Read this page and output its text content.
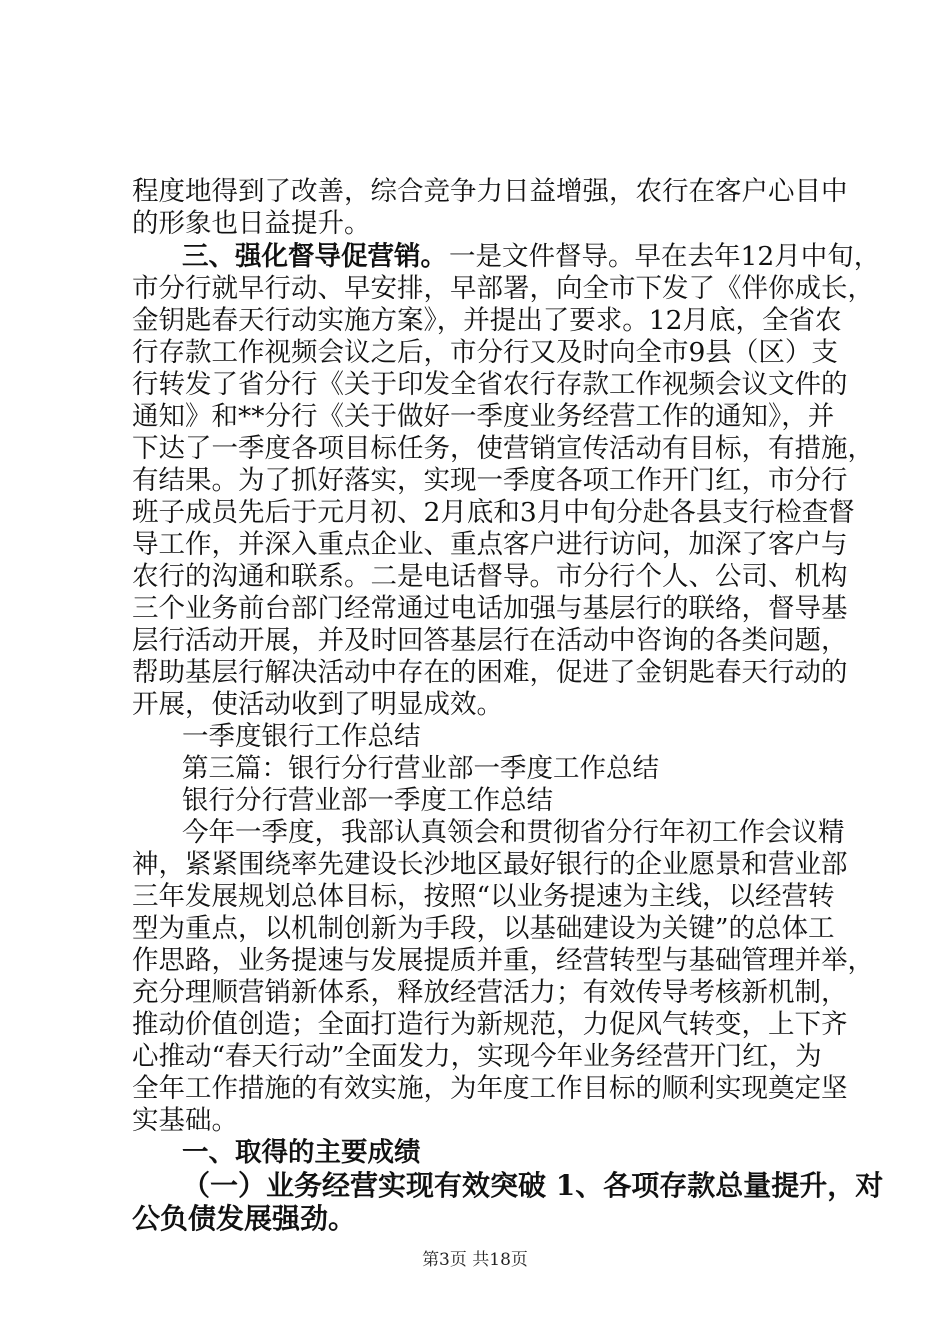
程度地得到了改善，综合竞争力日益增强，农行在客户心目中
的形象也日益提升。
三、强化督导促营销。 一是文件督导。早在去年12月中旬，
市分行就早行动、早安排，早部署，向全市下发了《伴你成长，
金钥匙春天行动实施方案》，并提出了要求。12月底，全省农
行存款工作视频会议之后，市分行又及时向全市9县（区）支
行转发了省分行《关于印发全省农行存款工作视频会议文件的
通知》和**分行《关于做好一季度业务经营工作的通知》，并
下达了一季度各项目标任务，使营销宣传活动有目标，有措施，
有结果。为了抓好落实，实现一季度各项工作开门红，市分行
班子成员先后于元月初、2月底和3月中旬分赴各县支行检查督
导工作，并深入重点企业、重点客户进行访问，加深了客户与
农行的沟通和联系。二是电话督导。市分行个人、公司、机构
三个业务前台部门经常通过电话加强与基层行的联络，督导基
层行活动开展，并及时回答基层行在活动中咨询的各类问题，
帮助基层行解决活动中存在的困难，促进了金钥匙春天行动的
开展，使活动收到了明显成效。
一季度银行工作总结
第三篇：银行分行营业部一季度工作总结
银行分行营业部一季度工作总结
今年一季度，我部认真领会和贯彻省分行年初工作会议精
神，紧紧围绕率先建设长沙地区最好银行的企业愿景和营业部
三年发展规划总体目标，按照“以业务提速为主线，以经营转
型为重点，以机制创新为手段，以基础建设为关键”的总体工
作思路，业务提速与发展提质并重，经营转型与基础管理并举，
充分理顺营销新体系，释放经营活力；有效传导考核新机制，
推动价值创造；全面打造行为新规范，力促风气转变，上下齐
心推动“春天行动”全面发力，实现今年业务经营开门红，为
全年工作措施的有效实施，为年度工作目标的顺利实现奠定坚
实基础。
一、取得的主要成绩
（一）业务经营实现有效突破 1、各项存款总量提升，对
公负债发展强劲。
第3页 共18页
